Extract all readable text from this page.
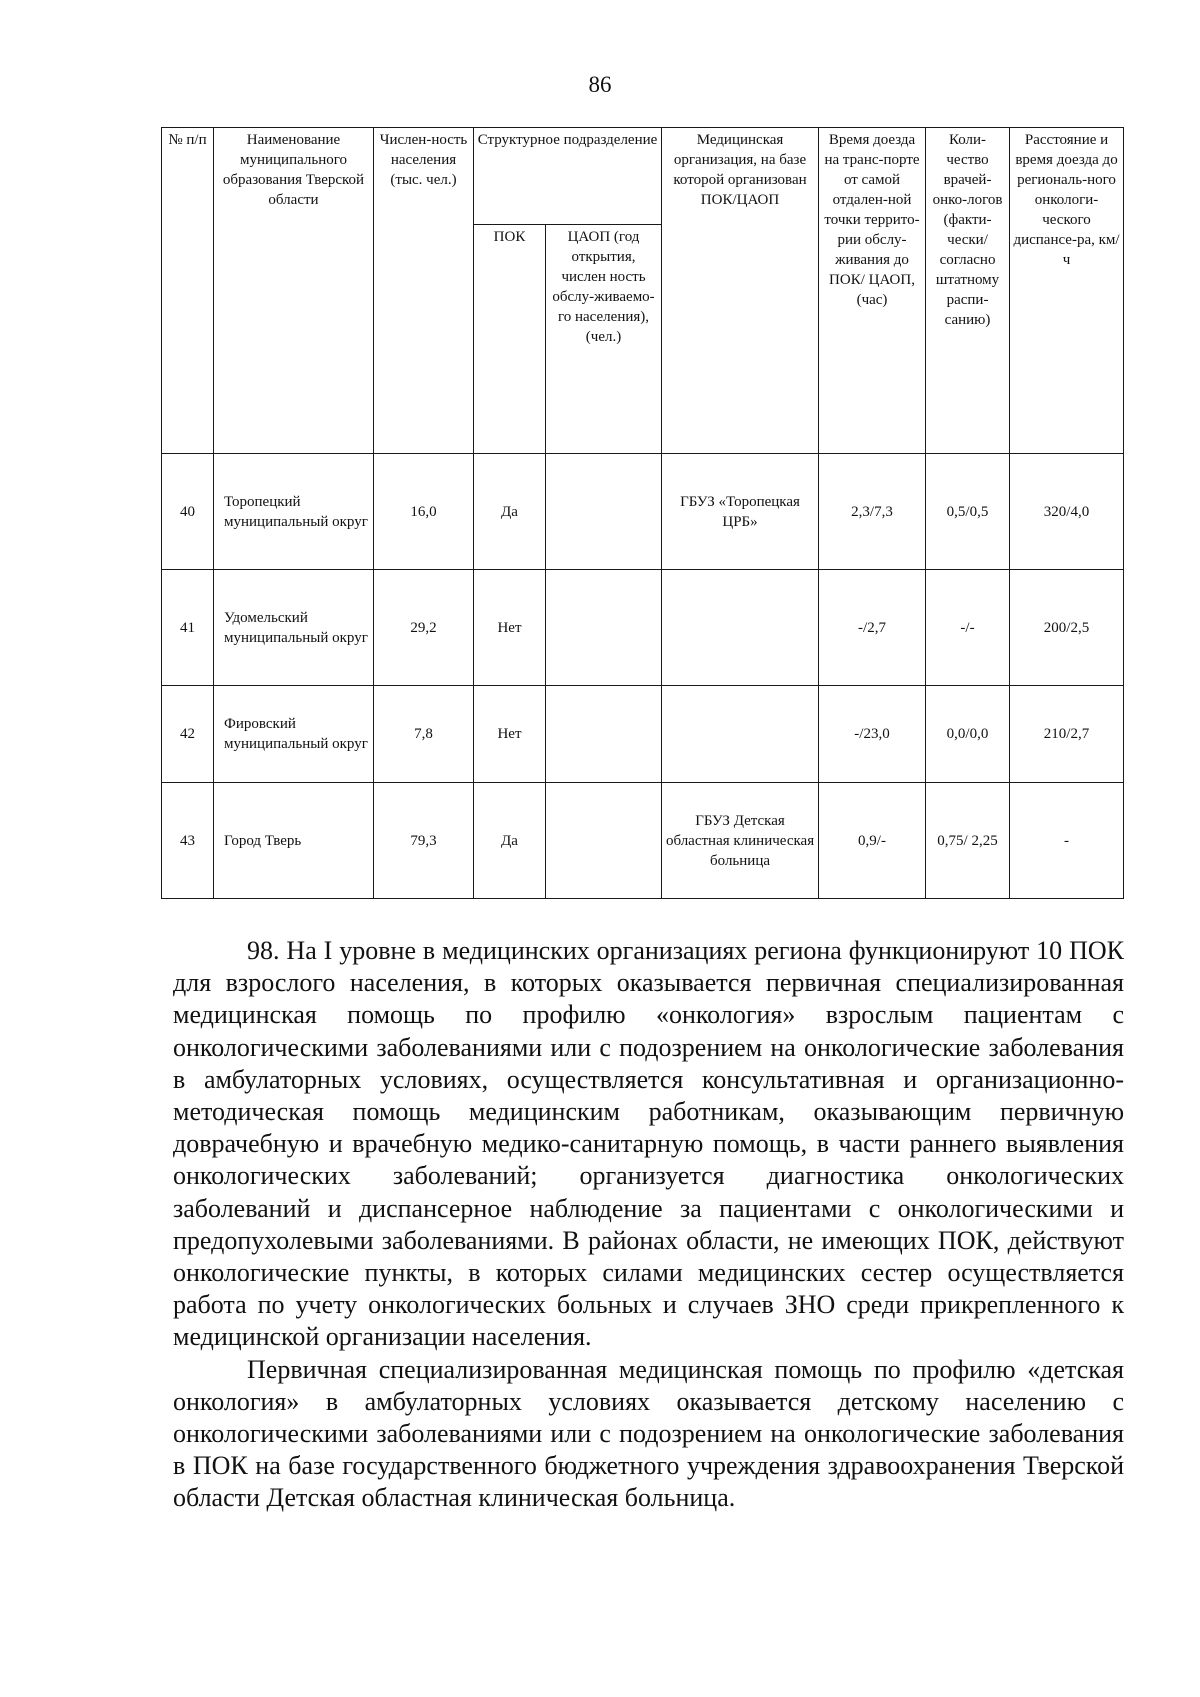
86
№ п/п	Наименование муниципального образования Тверской области	Числен-ность населения (тыс. чел.)	Структурное подразделение		Медицинская организация, на базе которой организован ПОК/ЦАОП	Время доезда на транс-порте от самой отдален-ной точки террито-рии обслу-живания до ПОК/ ЦАОП, (час)	Коли-чество врачей-онко-логов (факти-чески/ согласно штатному распи-санию)	Расстояние и время доезда до региональ-ного онкологи-ческого диспансе-ра, км/ч
			ПОК	ЦАОП (год открытия, числен ность обслу-живаемо-го населения), (чел.)				
40	Торопецкий муниципальный округ	16,0	Да		ГБУЗ «Торопецкая ЦРБ»	2,3/7,3	0,5/0,5	320/4,0
41	Удомельский муниципальный округ	29,2	Нет			-/2,7	-/-	200/2,5
42	Фировский муниципальный округ	7,8	Нет			-/23,0	0,0/0,0	210/2,7
43	Город Тверь	79,3	Да		ГБУЗ Детская областная клиническая больница	0,9/-	0,75/ 2,25	-

98. На I уровне в медицинских организациях региона функционируют 10 ПОК для взрослого населения, в которых оказывается первичная специализированная медицинская помощь по профилю «онкология» взрослым пациентам с онкологическими заболеваниями или с подозрением на онкологические заболевания в амбулаторных условиях, осуществляется консультативная и организационно-методическая помощь медицинским работникам, оказывающим первичную доврачебную и врачебную медико-санитарную помощь, в части раннего выявления онкологических заболеваний; организуется диагностика онкологических заболеваний и диспансерное наблюдение за пациентами с онкологическими и предопухолевыми заболеваниями. В районах области, не имеющих ПОК, действуют онкологические пункты, в которых силами медицинских сестер осуществляется работа по учету онкологических больных и случаев ЗНО среди прикрепленного к медицинской организации населения.

Первичная специализированная медицинская помощь по профилю «детская онкология» в амбулаторных условиях оказывается детскому населению с онкологическими заболеваниями или с подозрением на онкологические заболевания в ПОК на базе государственного бюджетного учреждения здравоохранения Тверской области Детская областная клиническая больница.
